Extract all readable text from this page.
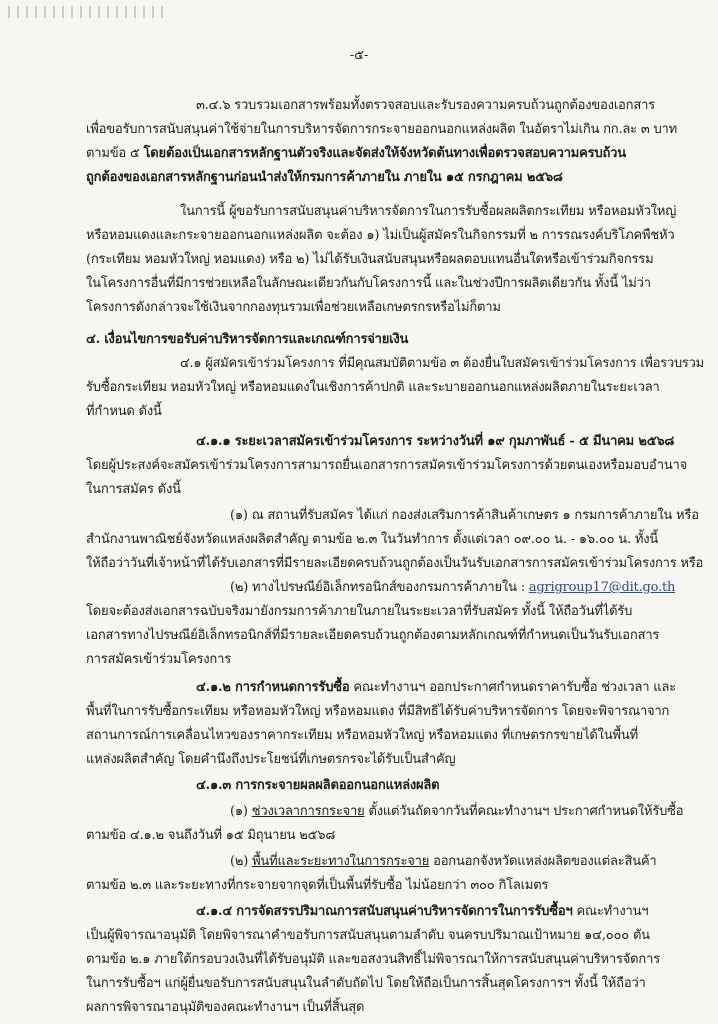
-๕-
๓.๔.๖ รวบรวมเอกสารพร้อมทั้งตรวจสอบและรับรองความครบถ้วนถูกต้องของเอกสาร
เพื่อขอรับการสนับสนุนค่าใช้จ่ายในการบริหารจัดการกระจายออกนอกแหล่งผลิต ในอัตราไม่เกิน กก.ละ ๓ บาท
ตามข้อ ๕ โดยต้องเป็นเอกสารหลักฐานตัวจริงและจัดส่งให้จังหวัดต้นทางเพื่อตรวจสอบความครบถ้วน
ถูกต้องของเอกสารหลักฐานก่อนนำส่งให้กรมการค้าภายใน ภายใน ๑๕ กรกฎาคม ๒๕๖๘
ในการนี้ ผู้ขอรับการสนับสนุนค่าบริหารจัดการในการรับซื้อผลผลิตกระเทียม หรือหอมหัวใหญ่
หรือหอมแดงและกระจายออกนอกแหล่งผลิต จะต้อง ๑) ไม่เป็นผู้สมัครในกิจกรรมที่ ๒ การรณรงค์บริโภคพืชหัว
(กระเทียม หอมหัวใหญ่ หอมแดง) หรือ ๒) ไม่ได้รับเงินสนับสนุนหรือผลตอบแทนอื่นใดหรือเข้าร่วมกิจกรรม
ในโครงการอื่นที่มีการช่วยเหลือในลักษณะเดียวกันกับโครงการนี้ และในช่วงปีการผลิตเดียวกัน ทั้งนี้ ไม่ว่า
โครงการดังกล่าวจะใช้เงินจากกองทุนรวมเพื่อช่วยเหลือเกษตรกรหรือไม่ก็ตาม
๔. เงื่อนไขการขอรับค่าบริหารจัดการและเกณฑ์การจ่ายเงิน
๔.๑ ผู้สมัครเข้าร่วมโครงการ ที่มีคุณสมบัติตามข้อ ๓ ต้องยื่นใบสมัครเข้าร่วมโครงการ เพื่อรวบรวม
รับซื้อกระเทียม หอมหัวใหญ่ หรือหอมแดงในเชิงการค้าปกติ และระบายออกนอกแหล่งผลิตภายในระยะเวลา
ที่กำหนด ดังนี้
๔.๑.๑ ระยะเวลาสมัครเข้าร่วมโครงการ ระหว่างวันที่ ๑๙ กุมภาพันธ์ - ๕ มีนาคม ๒๕๖๘
โดยผู้ประสงค์จะสมัครเข้าร่วมโครงการสามารถยื่นเอกสารการสมัครเข้าร่วมโครงการด้วยตนเองหรือมอบอำนาจ
ในการสมัคร ดังนี้
(๑) ณ สถานที่รับสมัคร ได้แก่ กองส่งเสริมการค้าสินค้าเกษตร ๑ กรมการค้าภายใน หรือ
สำนักงานพาณิชย์จังหวัดแหล่งผลิตสำคัญ ตามข้อ ๒.๓ ในวันทำการ ตั้งแต่เวลา ๐๙.๐๐ น. - ๑๖.๐๐ น. ทั้งนี้
ให้ถือว่าวันที่เจ้าหน้าที่ได้รับเอกสารที่มีรายละเอียดครบถ้วนถูกต้องเป็นวันรับเอกสารการสมัครเข้าร่วมโครงการ หรือ
(๒) ทางไปรษณีย์อิเล็กทรอนิกส์ของกรมการค้าภายใน : agrigroup17@dit.go.th
โดยจะต้องส่งเอกสารฉบับจริงมายังกรมการค้าภายในภายในระยะเวลาที่รับสมัคร ทั้งนี้ ให้ถือวันที่ได้รับ
เอกสารทางไปรษณีย์อิเล็กทรอนิกส์ที่มีรายละเอียดครบถ้วนถูกต้องตามหลักเกณฑ์ที่กำหนดเป็นวันรับเอกสาร
การสมัครเข้าร่วมโครงการ
๔.๑.๒ การกำหนดการรับซื้อ คณะทำงานฯ ออกประกาศกำหนดราคารับซื้อ ช่วงเวลา และ
พื้นที่ในการรับซื้อกระเทียม หรือหอมหัวใหญ่ หรือหอมแดง ที่มีสิทธิได้รับค่าบริหารจัดการ โดยจะพิจารณาจาก
สถานการณ์การเคลื่อนไหวของราคากระเทียม หรือหอมหัวใหญ่ หรือหอมแดง ที่เกษตรกรขายได้ในพื้นที่
แหล่งผลิตสำคัญ โดยคำนึงถึงประโยชน์ที่เกษตรกรจะได้รับเป็นสำคัญ
๔.๑.๓ การกระจายผลผลิตออกนอกแหล่งผลิต
(๑) ช่วงเวลาการกระจาย ตั้งแต่วันถัดจากวันที่คณะทำงานฯ ประกาศกำหนดให้รับซื้อ
ตามข้อ ๔.๑.๒ จนถึงวันที่ ๑๕ มิถุนายน ๒๕๖๘
(๒) พื้นที่และระยะทางในการกระจาย ออกนอกจังหวัดแหล่งผลิตของแต่ละสินค้า
ตามข้อ ๒.๓ และระยะทางที่กระจายจากจุดที่เป็นพื้นที่รับซื้อ ไม่น้อยกว่า ๓๐๐ กิโลเมตร
๔.๑.๔ การจัดสรรปริมาณการสนับสนุนค่าบริหารจัดการในการรับซื้อฯ คณะทำงานฯ
เป็นผู้พิจารณาอนุมัติ โดยพิจารณาคำขอรับการสนับสนุนตามลำดับ จนครบปริมาณเป้าหมาย ๑๔,๐๐๐ ตัน
ตามข้อ ๒.๑ ภายใต้กรอบวงเงินที่ได้รับอนุมัติ และขอสงวนสิทธิ์ไม่พิจารณาให้การสนับสนุนค่าบริหารจัดการ
ในการรับซื้อฯ แก่ผู้ยื่นขอรับการสนับสนุนในลำดับถัดไป โดยให้ถือเป็นการสิ้นสุดโครงการฯ ทั้งนี้ ให้ถือว่า
ผลการพิจารณาอนุมัติของคณะทำงานฯ เป็นที่สิ้นสุด
